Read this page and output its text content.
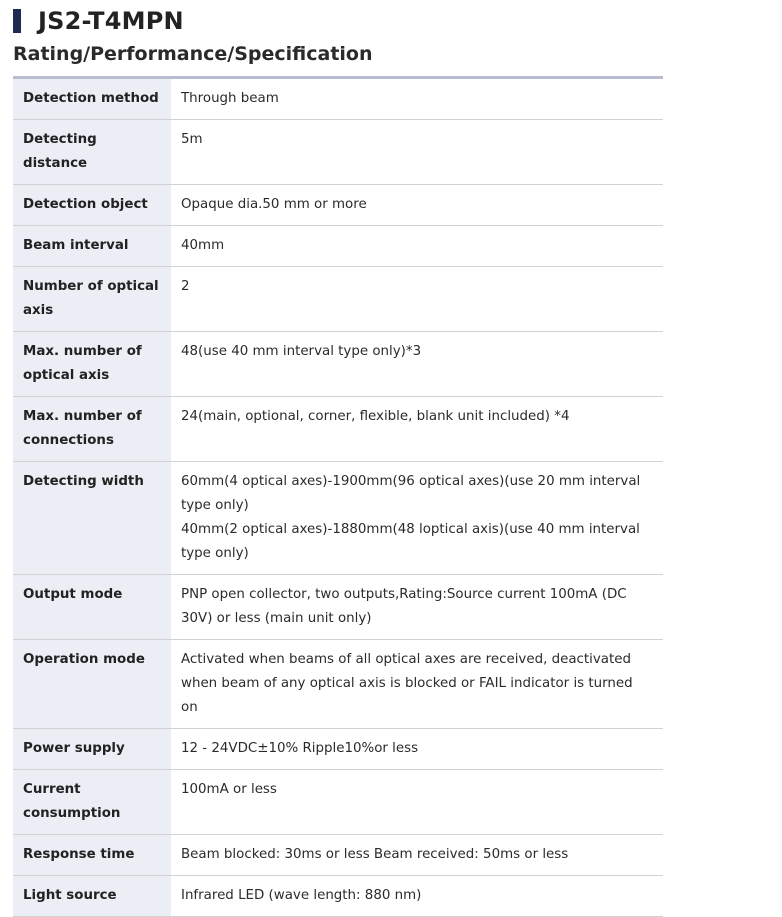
JS2-T4MPN
Rating/Performance/Specification
Detection method	Through beam

Detecting distance	5m

Detection object	Opaque dia.50 mm or more

Beam interval	40mm

Number of optical axis	2

Max. number of optical axis	48(use 40 mm interval type only)*3

Max. number of connections	24(main, optional, corner, flexible, blank unit included) *4

Detecting width	60mm(4 optical axes)-1900mm(96 optical axes)(use 20 mm interval type only)
40mm(2 optical axes)-1880mm(48 loptical axis)(use 40 mm interval type only)

Output mode	PNP open collector, two outputs,Rating:Source current 100mA (DC 30V) or less (main unit only)

Operation mode	Activated when beams of all optical axes are received, deactivated when beam of any optical axis is blocked or FAIL indicator is turned on

Power supply	12 - 24VDC±10% Ripple10%or less

Current consumption	100mA or less

Response time	Beam blocked: 30ms or less Beam received: 50ms or less

Light source	Infrared LED (wave length: 880 nm)
